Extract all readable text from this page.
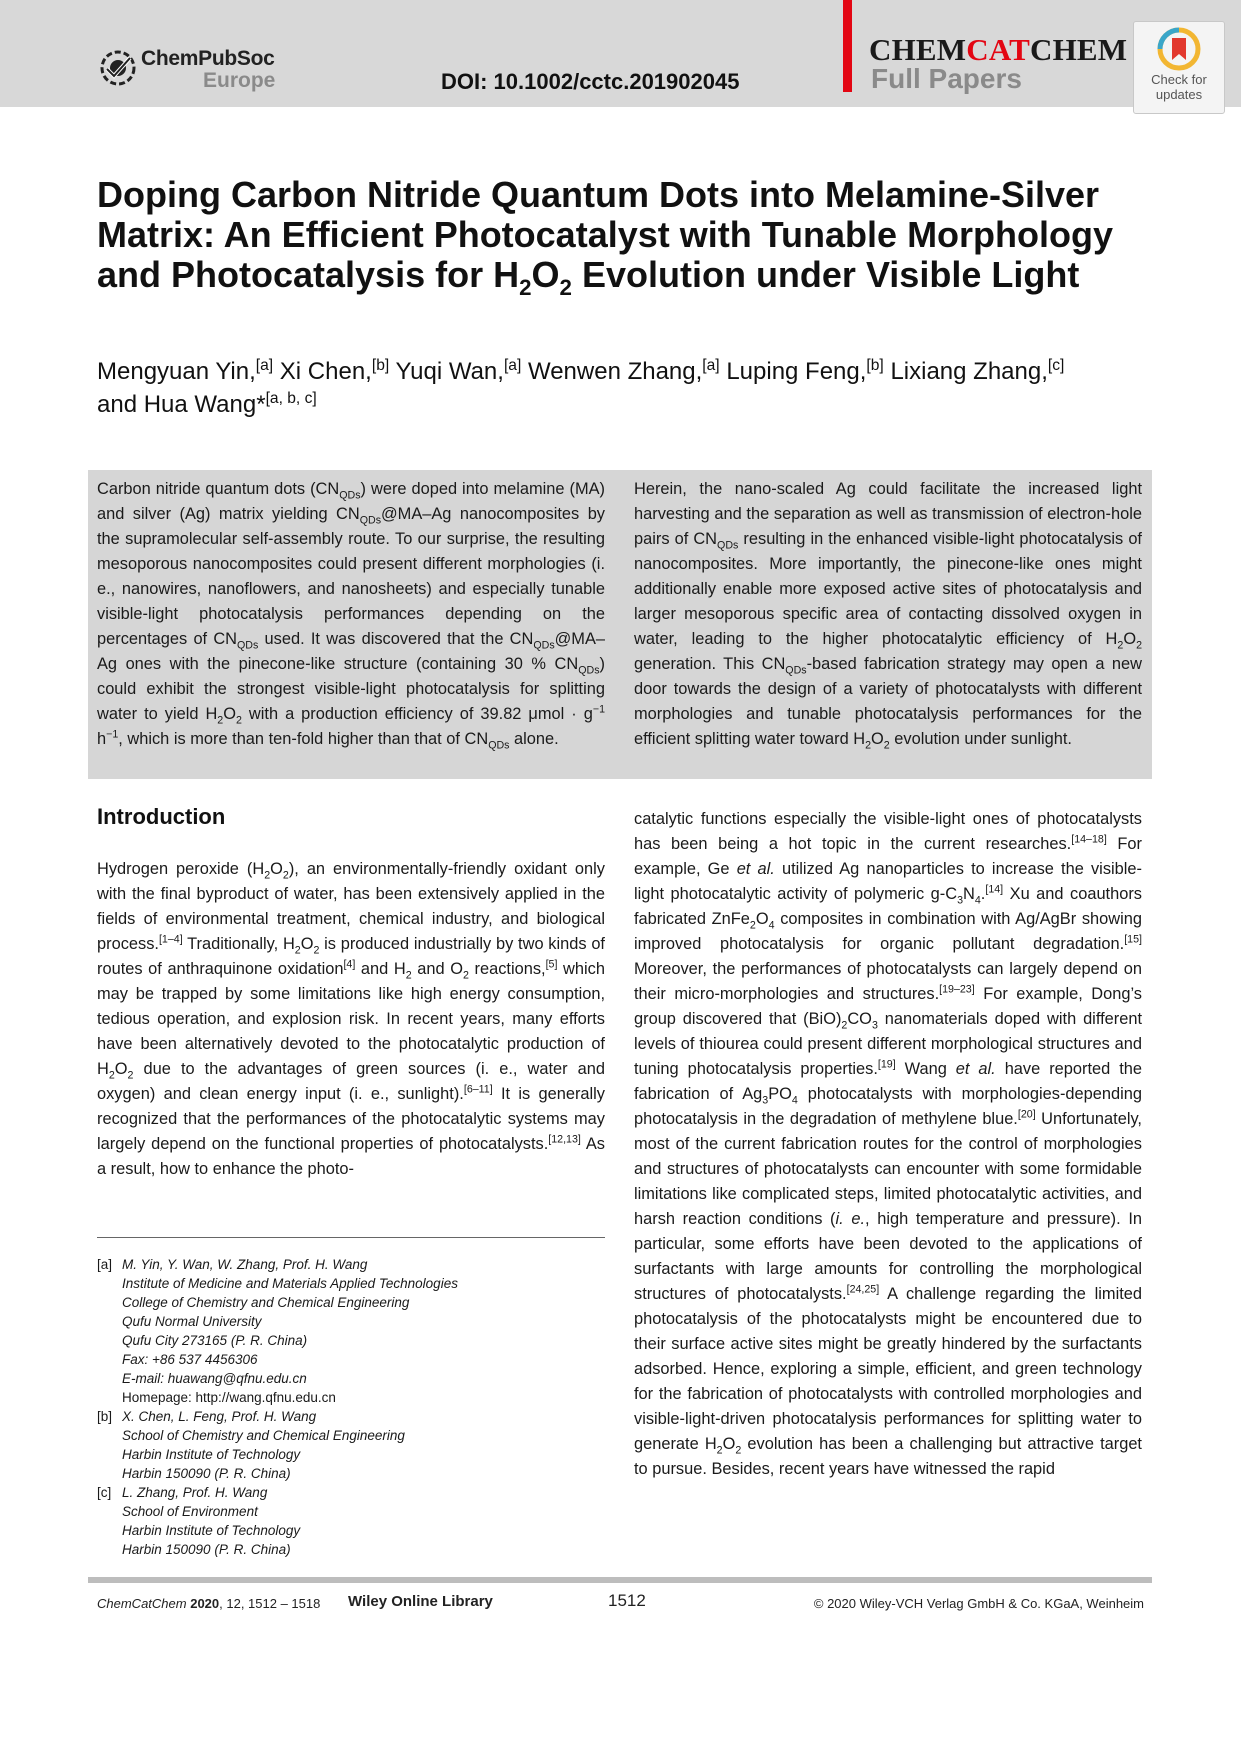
ChemPubSoc
Europe	DOI: 10.1002/cctc.201902045
CHEMCATCHEM
Full Papers	Check for
updates
Doping Carbon Nitride Quantum Dots into Melamine-Silver Matrix: An Efficient Photocatalyst with Tunable Morphology and Photocatalysis for $H_2O_2$ Evolution under Visible Light
Mengyuan Yin,[a] Xi Chen,[b] Yuqi Wan,[a] Wenwen Zhang,[a] Luping Feng,[b] Lixiang Zhang,[c]
and Hua Wang*[a, b, c]
Carbon nitride quantum dots $(CN_{QDs})$ were doped into melamine (MA) and silver (Ag) matrix yielding $CN_{QDs}@MA-Ag$ nanocomposites by the supramolecular self-assembly route. To our surprise, the resulting mesoporous nanocomposites could present different morphologies (i. e., nanowires, nanoflowers, and nanosheets) and especially tunable visible-light photocatalysis performances depending on the percentages of $CN_{QDs}$ used. It was discovered that the $CN_{QDs}@MA-Ag$ ones with the pinecone-like structure (containing 30 % $CN_{QDs}$) could exhibit the strongest visible-light photocatalysis for splitting water to yield $H_2O_2$ with a production efficiency of 39.82 $\mu mol \cdot g^{-1}$ $h^{-1}$, which is more than ten-fold higher than that of $CN_{QDs}$ alone.
Herein, the nano-scaled Ag could facilitate the increased light harvesting and the separation as well as transmission of electron-hole pairs of $CN_{QDs}$ resulting in the enhanced visible-light photocatalysis of nanocomposites. More importantly, the pinecone-like ones might additionally enable more exposed active sites of photocatalysis and larger mesoporous specific area of contacting dissolved oxygen in water, leading to the higher photocatalytic efficiency of $H_2O_2$ generation. This $CN_{QDs}$-based fabrication strategy may open a new door towards the design of a variety of photocatalysts with different morphologies and tunable photocatalysis performances for the efficient splitting water toward $H_2O_2$ evolution under sunlight.
Introduction
Hydrogen peroxide $(H_2O_2)$, an environmentally-friendly oxidant only with the final byproduct of water, has been extensively applied in the fields of environmental treatment, chemical industry, and biological process.[1–4] Traditionally, $H_2O_2$ is produced industrially by two kinds of routes of anthraquinone oxidation[4] and $H_2$ and $O_2$ reactions,[5] which may be trapped by some limitations like high energy consumption, tedious operation, and explosion risk. In recent years, many efforts have been alternatively devoted to the photocatalytic production of $H_2O_2$ due to the advantages of green sources (i. e., water and oxygen) and clean energy input (i. e., sunlight).[6–11] It is generally recognized that the performances of the photocatalytic systems may largely depend on the functional properties of photocatalysts.[12,13] As a result, how to enhance the photo-
catalytic functions especially the visible-light ones of photocatalysts has been being a hot topic in the current researches.[14–18] For example, Ge et al. utilized Ag nanoparticles to increase the visible-light photocatalytic activity of polymeric $g-C_3N_4.[14]$ Xu and coauthors fabricated $ZnFe_2O_4$ composites in combination with Ag/AgBr showing improved photocatalysis for organic pollutant degradation.[15] Moreover, the performances of photocatalysts can largely depend on their micro-morphologies and structures.[19–23] For example, Dong’s group discovered that $(BiO)_2CO_3$ nanomaterials doped with different levels of thiourea could present different morphological structures and tuning photocatalysis properties.[19] Wang et al. have reported the fabrication of $Ag_3PO_4$ photocatalysts with morphologies-depending photocatalysis in the degradation of methylene blue.[20] Unfortunately, most of the current fabrication routes for the control of morphologies and structures of photocatalysts can encounter with some formidable limitations like complicated steps, limited photocatalytic activities, and harsh reaction conditions (i. e., high temperature and pressure). In particular, some efforts have been devoted to the applications of surfactants with large amounts for controlling the morphological structures of photocatalysts.[24,25] A challenge regarding the limited photocatalysis of the photocatalysts might be encountered due to their surface active sites might be greatly hindered by the surfactants adsorbed. Hence, exploring a simple, efficient, and green technology for the fabrication of photocatalysts with controlled morphologies and visible-light-driven photocatalysis performances for splitting water to generate $H_2O_2$ evolution has been a challenging but attractive target to pursue. Besides, recent years have witnessed the rapid
[a] M. Yin, Y. Wan, W. Zhang, Prof. H. Wang
Institute of Medicine and Materials Applied Technologies
College of Chemistry and Chemical Engineering
Qufu Normal University
Qufu City 273165 (P. R. China)
Fax: +86 537 4456306
E-mail: huawang@qfnu.edu.cn
Homepage: http://wang.qfnu.edu.cn
[b] X. Chen, L. Feng, Prof. H. Wang
School of Chemistry and Chemical Engineering
Harbin Institute of Technology
Harbin 150090 (P. R. China)
[c] L. Zhang, Prof. H. Wang
School of Environment
Harbin Institute of Technology
Harbin 150090 (P. R. China)
ChemCatChem 2020, 12, 1512 – 1518 Wiley Online Library	1512	© 2020 Wiley-VCH Verlag GmbH & Co. KGaA, Weinheim
